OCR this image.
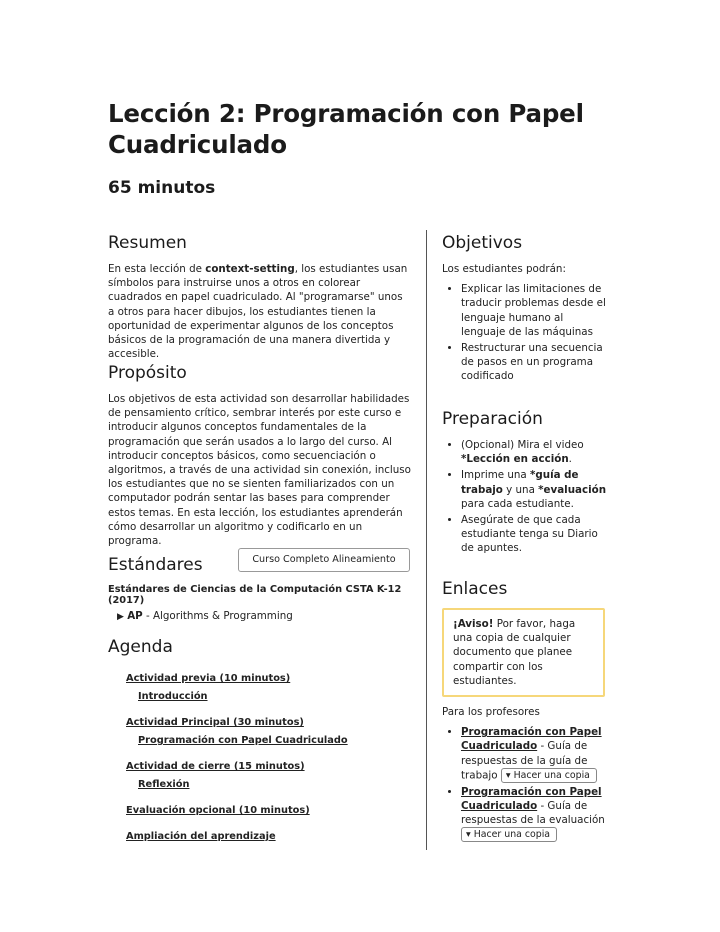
Lección 2: Programación con Papel Cuadriculado
65 minutos
Resumen

En esta lección de context-setting, los estudiantes usan símbolos para instruirse unos a otros en colorear cuadrados en papel cuadriculado. Al "programarse" unos a otros para hacer dibujos, los estudiantes tienen la oportunidad de experimentar algunos de los conceptos básicos de la programación de una manera divertida y accesible.

Propósito

Los objetivos de esta actividad son desarrollar habilidades de pensamiento crítico, sembrar interés por este curso e introducir algunos conceptos fundamentales de la programación que serán usados a lo largo del curso. Al introducir conceptos básicos, como secuenciación o algoritmos, a través de una actividad sin conexión, incluso los estudiantes que no se sienten familiarizados con un computador podrán sentar las bases para comprender estos temas. En esta lección, los estudiantes aprenderán cómo desarrollar un algoritmo y codificarlo en un programa.

Estándares	Curso Completo Alineamiento
Estándares de Ciencias de la Computación CSTA K-12 (2017)
▶ AP - Algorithms & Programming
Agenda
Actividad previa (10 minutos)
Introducción
Actividad Principal (30 minutos)
Programación con Papel Cuadriculado
Actividad de cierre (15 minutos)
Reflexión
Evaluación opcional (10 minutos)
Ampliación del aprendizaje
Objetivos

Los estudiantes podrán:

• Explicar las limitaciones de traducir problemas desde el lenguaje humano al lenguaje de las máquinas
• Restructurar una secuencia de pasos en un programa codificado
Preparación
• (Opcional) Mira el video *Lección en acción.
• Imprime una *guía de trabajo y una *evaluación para cada estudiante.
• Asegúrate de que cada estudiante tenga su Diario de apuntes.
Enlaces
¡Aviso! Por favor, haga una copia de cualquier documento que planee compartir con los estudiantes.

Para los profesores

• Programación con Papel Cuadriculado - Guía de respuestas de la guía de trabajo ▾ Hacer una copia
• Programación con Papel Cuadriculado - Guía de respuestas de la evaluación ▾ Hacer una copia
